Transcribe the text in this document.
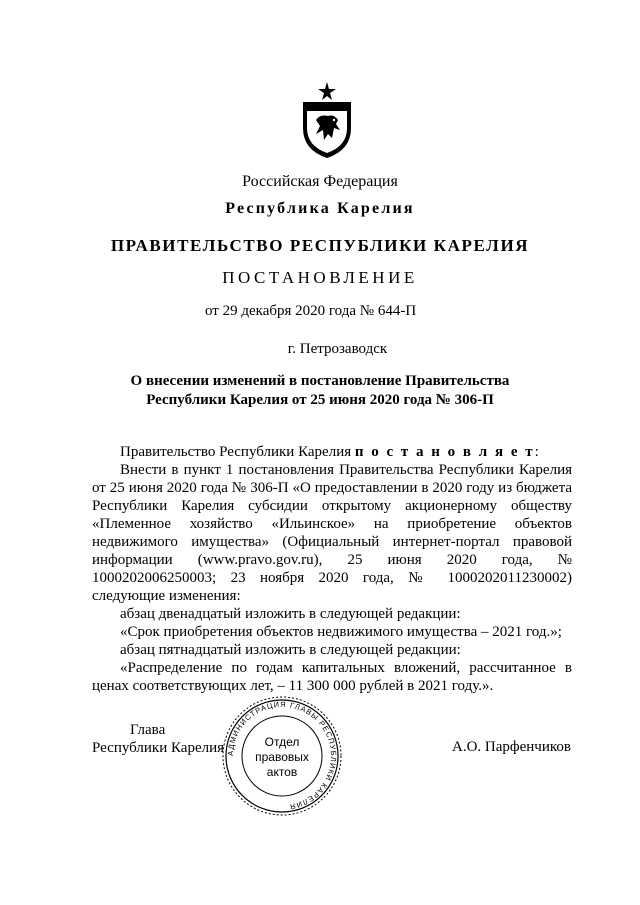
Российская Федерация
Республика Карелия
ПРАВИТЕЛЬСТВО РЕСПУБЛИКИ КАРЕЛИЯ
ПОСТАНОВЛЕНИЕ
от 29 декабря 2020 года № 644-П
г. Петрозаводск
О внесении изменений в постановление Правительства
Республики Карелия от 25 июня 2020 года № 306-П

Правительство Республики Карелия п о с т а н о в л я е т:

Внести в пункт 1 постановления Правительства Республики Карелия от 25 июня 2020 года № 306-П «О предоставлении в 2020 году из бюджета Республики Карелия субсидии открытому акционерному обществу «Племенное хозяйство «Ильинское» на приобретение объектов недвижимого имущества» (Официальный интернет-портал правовой информации (www.pravo.gov.ru), 25 июня 2020 года, № 1000202006250003; 23 ноября 2020 года, № 1000202011230002) следующие изменения:

абзац двенадцатый изложить в следующей редакции:

«Срок приобретения объектов недвижимого имущества – 2021 год.»;

абзац пятнадцатый изложить в следующей редакции:

«Распределение по годам капитальных вложений, рассчитанное в ценах соответствующих лет, – 11 300 000 рублей в 2021 году.».

Глава
Республики Карелия АДМИНИСТРАЦИЯ ГЛАВЫ РЕСПУБЛИКИ КАРЕЛИЯ
Отдел
правовых
актов
А.О. Парфенчиков
